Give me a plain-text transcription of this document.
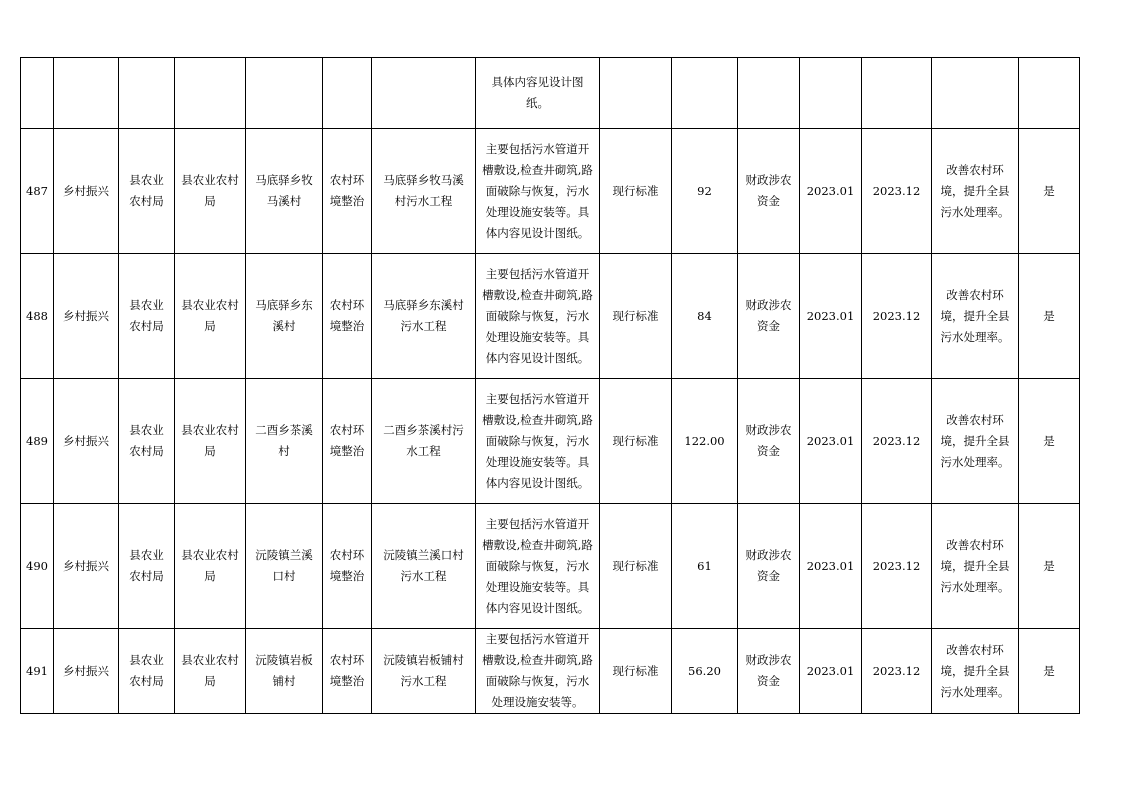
							具体内容见设计图纸。							
487	乡村振兴	县农业农村局	县农业农村局	马底驿乡牧马溪村	农村环境整治	马底驿乡牧马溪村污水工程	主要包括污水管道开槽敷设,检查井砌筑,路面破除与恢复，污水处理设施安装等。具体内容见设计图纸。	现行标准	92	财政涉农资金	2023.01	2023.12	改善农村环境，提升全县污水处理率。	是
488	乡村振兴	县农业农村局	县农业农村局	马底驿乡东溪村	农村环境整治	马底驿乡东溪村污水工程	主要包括污水管道开槽敷设,检查井砌筑,路面破除与恢复，污水处理设施安装等。具体内容见设计图纸。	现行标准	84	财政涉农资金	2023.01	2023.12	改善农村环境，提升全县污水处理率。	是
489	乡村振兴	县农业农村局	县农业农村局	二酉乡茶溪村	农村环境整治	二酉乡茶溪村污水工程	主要包括污水管道开槽敷设,检查井砌筑,路面破除与恢复，污水处理设施安装等。具体内容见设计图纸。	现行标准	122.00	财政涉农资金	2023.01	2023.12	改善农村环境，提升全县污水处理率。	是
490	乡村振兴	县农业农村局	县农业农村局	沅陵镇兰溪口村	农村环境整治	沅陵镇兰溪口村污水工程	主要包括污水管道开槽敷设,检查井砌筑,路面破除与恢复，污水处理设施安装等。具体内容见设计图纸。	现行标准	61	财政涉农资金	2023.01	2023.12	改善农村环境，提升全县污水处理率。	是
491	乡村振兴	县农业农村局	县农业农村局	沅陵镇岩板铺村	农村环境整治	沅陵镇岩板铺村污水工程	主要包括污水管道开槽敷设,检查井砌筑,路面破除与恢复，污水处理设施安装等。	现行标准	56.20	财政涉农资金	2023.01	2023.12	改善农村环境，提升全县污水处理率。	是
